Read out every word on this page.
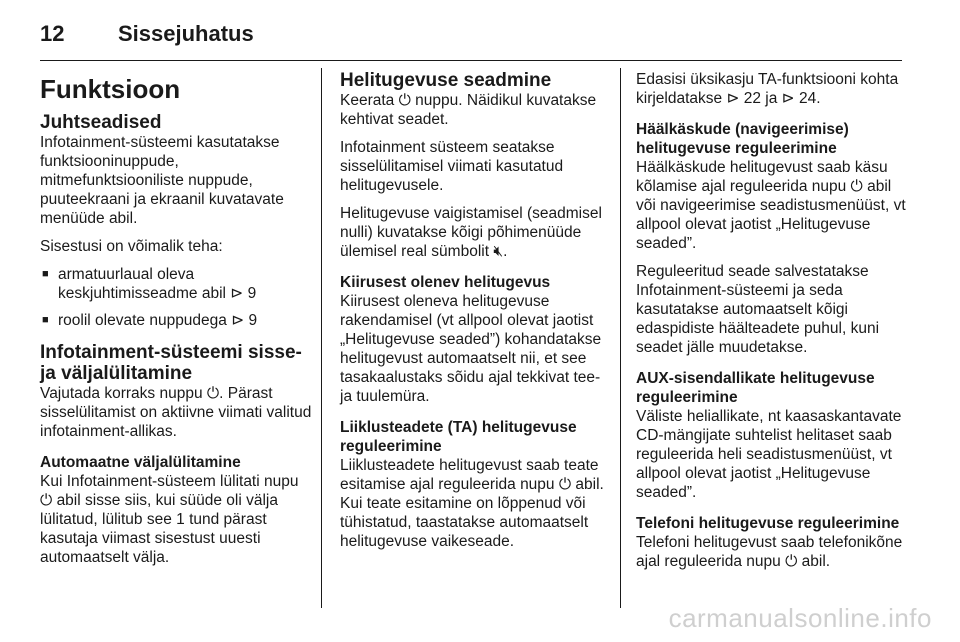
12	Sissejuhatus
Funktsioon
Juhtseadised

Infotainment-süsteemi kasutatakse funktsiooninuppude, mitmefunktsiooniliste nuppude, puuteekraani ja ekraanil kuvatavate menüüde abil.

Sisestusi on võimalik teha:

■ armatuurlaual oleva keskjuhtimisseadme abil ⊳ 9
■ roolil olevate nuppudega ⊳ 9
Infotainment-süsteemi sisse- ja väljalülitamine

Vajutada korraks nuppu ⏻. Pärast sisselülitamist on aktiivne viimati valitud infotainment-allikas.

Automaatne väljalülitamine

Kui Infotainment-süsteem lülitati nupu ⏻ abil sisse siis, kui süüde oli välja lülitatud, lülitub see 1 tund pärast kasutaja viimast sisestust uuesti automaatselt välja.

Helitugevuse seadmine

Keerata ⏻ nuppu. Näidikul kuvatakse kehtivat seadet.

Infotainment süsteem seatakse sisselülitamisel viimati kasutatud helitugevusele.

Helitugevuse vaigistamisel (seadmisel nulli) kuvatakse kõigi põhimenüüde ülemisel real sümbolit 🔇︎.

Kiirusest olenev helitugevus

Kiirusest oleneva helitugevuse rakendamisel (vt allpool olevat jaotist „Helitugevuse seaded”) kohandatakse helitugevust automaatselt nii, et see tasakaalustaks sõidu ajal tekkivat tee- ja tuulemüra.

Liiklusteadete (TA) helitugevuse reguleerimine

Liiklusteadete helitugevust saab teate esitamise ajal reguleerida nupu ⏻ abil. Kui teate esitamine on lõppenud või tühistatud, taastatakse automaatselt helitugevuse vaikeseade.

Edasisi üksikasju TA-funktsiooni kohta kirjeldatakse ⊳ 22 ja ⊳ 24.

Häälkäskude (navigeerimise) helitugevuse reguleerimine

Häälkäskude helitugevust saab käsu kõlamise ajal reguleerida nupu ⏻ abil või navigeerimise seadistusmenüüst, vt allpool olevat jaotist „Helitugevuse seaded”.

Reguleeritud seade salvestatakse Infotainment-süsteemi ja seda kasutatakse automaatselt kõigi edaspidiste häälteadete puhul, kuni seadet jälle muudetakse.

AUX-sisendallikate helitugevuse reguleerimine

Väliste heliallikate, nt kaasaskantavate CD-mängijate suhtelist helitaset saab reguleerida heli seadistusmenüüst, vt allpool olevat jaotist „Helitugevuse seaded”.

Telefoni helitugevuse reguleerimine

Telefoni helitugevust saab telefonikõne ajal reguleerida nupu ⏻ abil.

carmanualsonline.info
